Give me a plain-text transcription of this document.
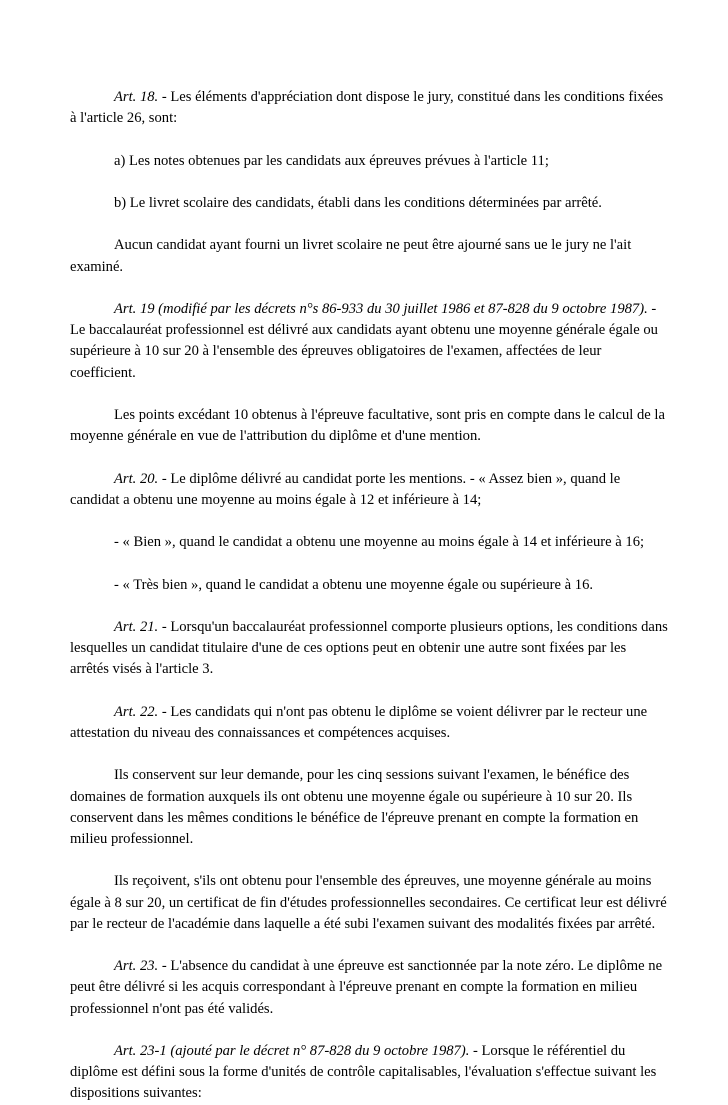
Art. 18. - Les éléments d'appréciation dont dispose le jury, constitué dans les conditions fixées à l'article 26, sont:

a) Les notes obtenues par les candidats aux épreuves prévues à l'article 11;

b) Le livret scolaire des candidats, établi dans les conditions déterminées par arrêté.

Aucun candidat ayant fourni un livret scolaire ne peut être ajourné sans ue le jury ne l'ait examiné.

Art. 19 (modifié par les décrets n°s 86-933 du 30 juillet 1986 et 87-828 du 9 octobre 1987). - Le baccalauréat professionnel est délivré aux candidats ayant obtenu une moyenne générale égale ou supérieure à 10 sur 20 à l'ensemble des épreuves obligatoires de l'examen, affectées de leur coefficient.

Les points excédant 10 obtenus à l'épreuve facultative, sont pris en compte dans le calcul de la moyenne générale en vue de l'attribution du diplôme et d'une mention.

Art. 20. - Le diplôme délivré au candidat porte les mentions. - « Assez bien », quand le candidat a obtenu une moyenne au moins égale à 12 et inférieure à 14;

- « Bien », quand le candidat a obtenu une moyenne au moins égale à 14 et inférieure à 16;

- « Très bien », quand le candidat a obtenu une moyenne égale ou supérieure à 16.

Art. 21. - Lorsqu'un baccalauréat professionnel comporte plusieurs options, les conditions dans lesquelles un candidat titulaire d'une de ces options peut en obtenir une autre sont fixées par les arrêtés visés à l'article 3.

Art. 22. - Les candidats qui n'ont pas obtenu le diplôme se voient délivrer par le recteur une attestation du niveau des connaissances et compétences acquises.

Ils conservent sur leur demande, pour les cinq sessions suivant l'examen, le bénéfice des domaines de formation auxquels ils ont obtenu une moyenne égale ou supérieure à 10 sur 20. Ils conservent dans les mêmes conditions le bénéfice de l'épreuve prenant en compte la formation en milieu professionnel.

Ils reçoivent, s'ils ont obtenu pour l'ensemble des épreuves, une moyenne générale au moins égale à 8 sur 20, un certificat de fin d'études professionnelles secondaires. Ce certificat leur est délivré par le recteur de l'académie dans laquelle a été subi l'examen suivant des modalités fixées par arrêté.

Art. 23. - L'absence du candidat à une épreuve est sanctionnée par la note zéro. Le diplôme ne peut être délivré si les acquis correspondant à l'épreuve prenant en compte la formation en milieu professionnel n'ont pas été validés.

Art. 23-1 (ajouté par le décret n° 87-828 du 9 octobre 1987). - Lorsque le référentiel du diplôme est défini sous la forme d'unités de contrôle capitalisables, l'évaluation s'effectue suivant les dispositions suivantes:
